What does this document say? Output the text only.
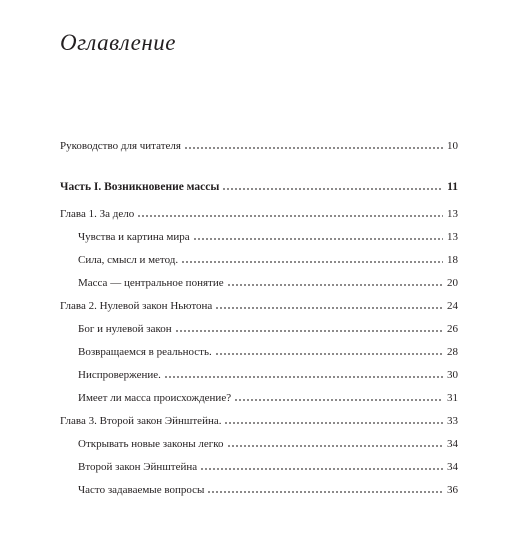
Оглавление
Руководство для читателя	10
Часть I. Возникновение массы	11
Глава 1. За дело	13
Чувства и картина мира	13
Сила, смысл и метод.	18
Масса — центральное понятие	20
Глава 2. Нулевой закон Ньютона	24
Бог и нулевой закон	26
Возвращаемся в реальность.	28
Ниспровержение.	30
Имеет ли масса происхождение?	31
Глава 3. Второй закон Эйнштейна.	33
Открывать новые законы легко	34
Второй закон Эйнштейна	34
Часто задаваемые вопросы	36
